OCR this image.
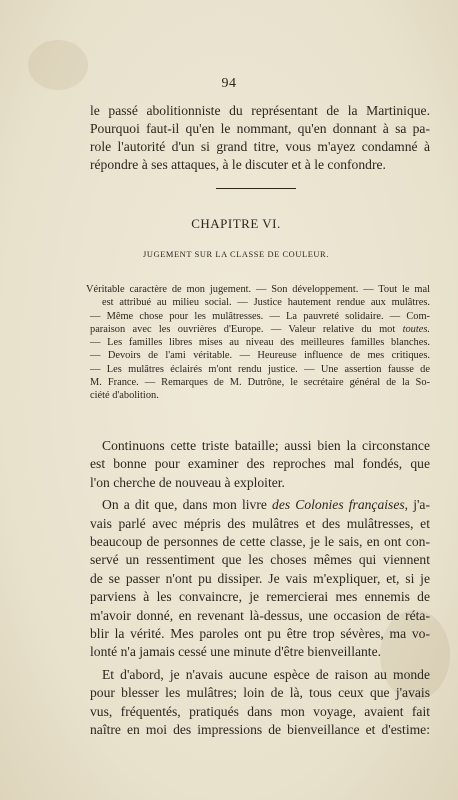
94
le passé abolitionniste du représentant de la Martinique.
Pourquoi faut-il qu'en le nommant, qu'en donnant à sa pa-
role l'autorité d'un si grand titre, vous m'ayez condamné à
répondre à ses attaques, à le discuter et à le confondre.
CHAPITRE VI.
JUGEMENT SUR LA CLASSE DE COULEUR.
Véritable caractère de mon jugement. — Son développement. — Tout le mal
est attribué au milieu social. — Justice hautement rendue aux mulâtres.
— Même chose pour les mulâtresses. — La pauvreté solidaire. — Com-
paraison avec les ouvrières d'Europe. — Valeur relative du mot toutes.
— Les familles libres mises au niveau des meilleures familles blanches.
— Devoirs de l'ami véritable. — Heureuse influence de mes critiques.
— Les mulâtres éclairés m'ont rendu justice. — Une assertion fausse de
M. France. — Remarques de M. Dutrône, le secrétaire général de la So-
ciété d'abolition.
Continuons cette triste bataille; aussi bien la circonstance
est bonne pour examiner des reproches mal fondés, que
l'on cherche de nouveau à exploiter.
On a dit que, dans mon livre des Colonies françaises, j'a-
vais parlé avec mépris des mulâtres et des mulâtresses, et
beaucoup de personnes de cette classe, je le sais, en ont con-
servé un ressentiment que les choses mêmes qui viennent
de se passer n'ont pu dissiper. Je vais m'expliquer, et, si je
parviens à les convaincre, je remercierai mes ennemis de
m'avoir donné, en revenant là-dessus, une occasion de réta-
blir la vérité. Mes paroles ont pu être trop sévères, ma vo-
lonté n'a jamais cessé une minute d'être bienveillante.
Et d'abord, je n'avais aucune espèce de raison au monde
pour blesser les mulâtres; loin de là, tous ceux que j'avais
vus, fréquentés, pratiqués dans mon voyage, avaient fait
naître en moi des impressions de bienveillance et d'estime:
